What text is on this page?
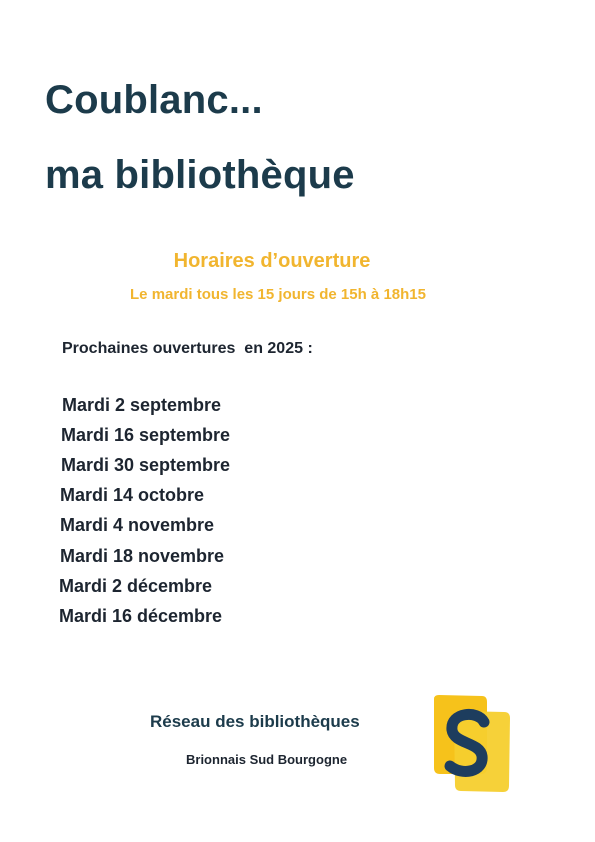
Coublanc...
ma bibliothèque
Horaires d’ouverture
Le mardi tous les 15 jours de 15h à 18h15
Prochaines ouvertures  en 2025 :
Mardi 2 septembre
Mardi 16 septembre
Mardi 30 septembre
Mardi 14 octobre
Mardi 4 novembre
Mardi 18 novembre
Mardi 2 décembre
Mardi 16 décembre
Réseau des bibliothèques
Brionnais Sud Bourgogne
